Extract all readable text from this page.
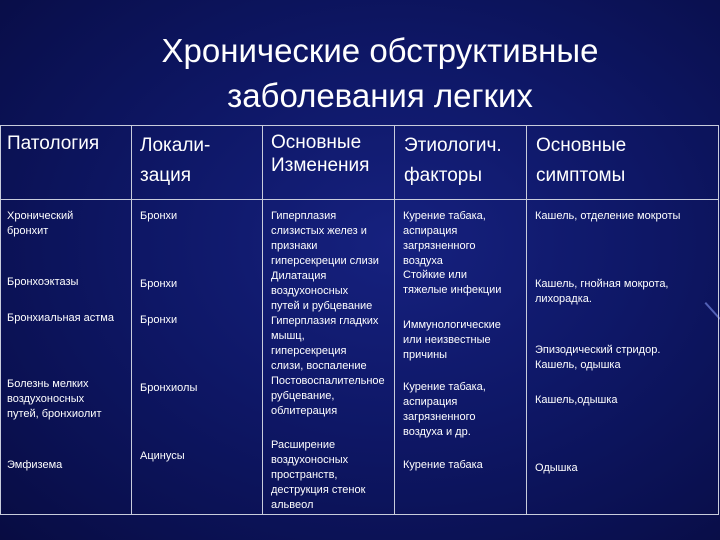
Хронические обструктивные
заболевания легких
Патология Локали-
зация
Основные
Изменения
Этиологич.
факторы
Основные
симптомы
Хронический
бронхит
Бронхоэктазы
Бронхиальная астма
Болезнь мелких
воздухоносных
путей, бронхиолит
Эмфизема
Бронхи
Бронхи
Бронхи
Бронхиолы
Ацинусы
Гиперплазия
слизистых желез и
признаки
гиперсекреции слизи
Дилатация
воздухоносных
путей и рубцевание
Гиперплазия гладких
мышц,
гиперсекреция
слизи, воспаление
Постовоспалительное
рубцевание,
облитерация
Расширение
воздухоносных
пространств,
деструкция стенок
альвеол
Курение табака,
аспирация
загрязненного
воздуха
Стойкие или
тяжелые инфекции
Иммунологические
или неизвестные
причины
Курение табака,
аспирация
загрязненного
воздуха и др.
Курение табака
Кашель, отделение мокроты
Кашель, гнойная мокрота,
лихорадка.
Эпизодический стридор.
Кашель, одышка
Кашель,одышка
Одышка
